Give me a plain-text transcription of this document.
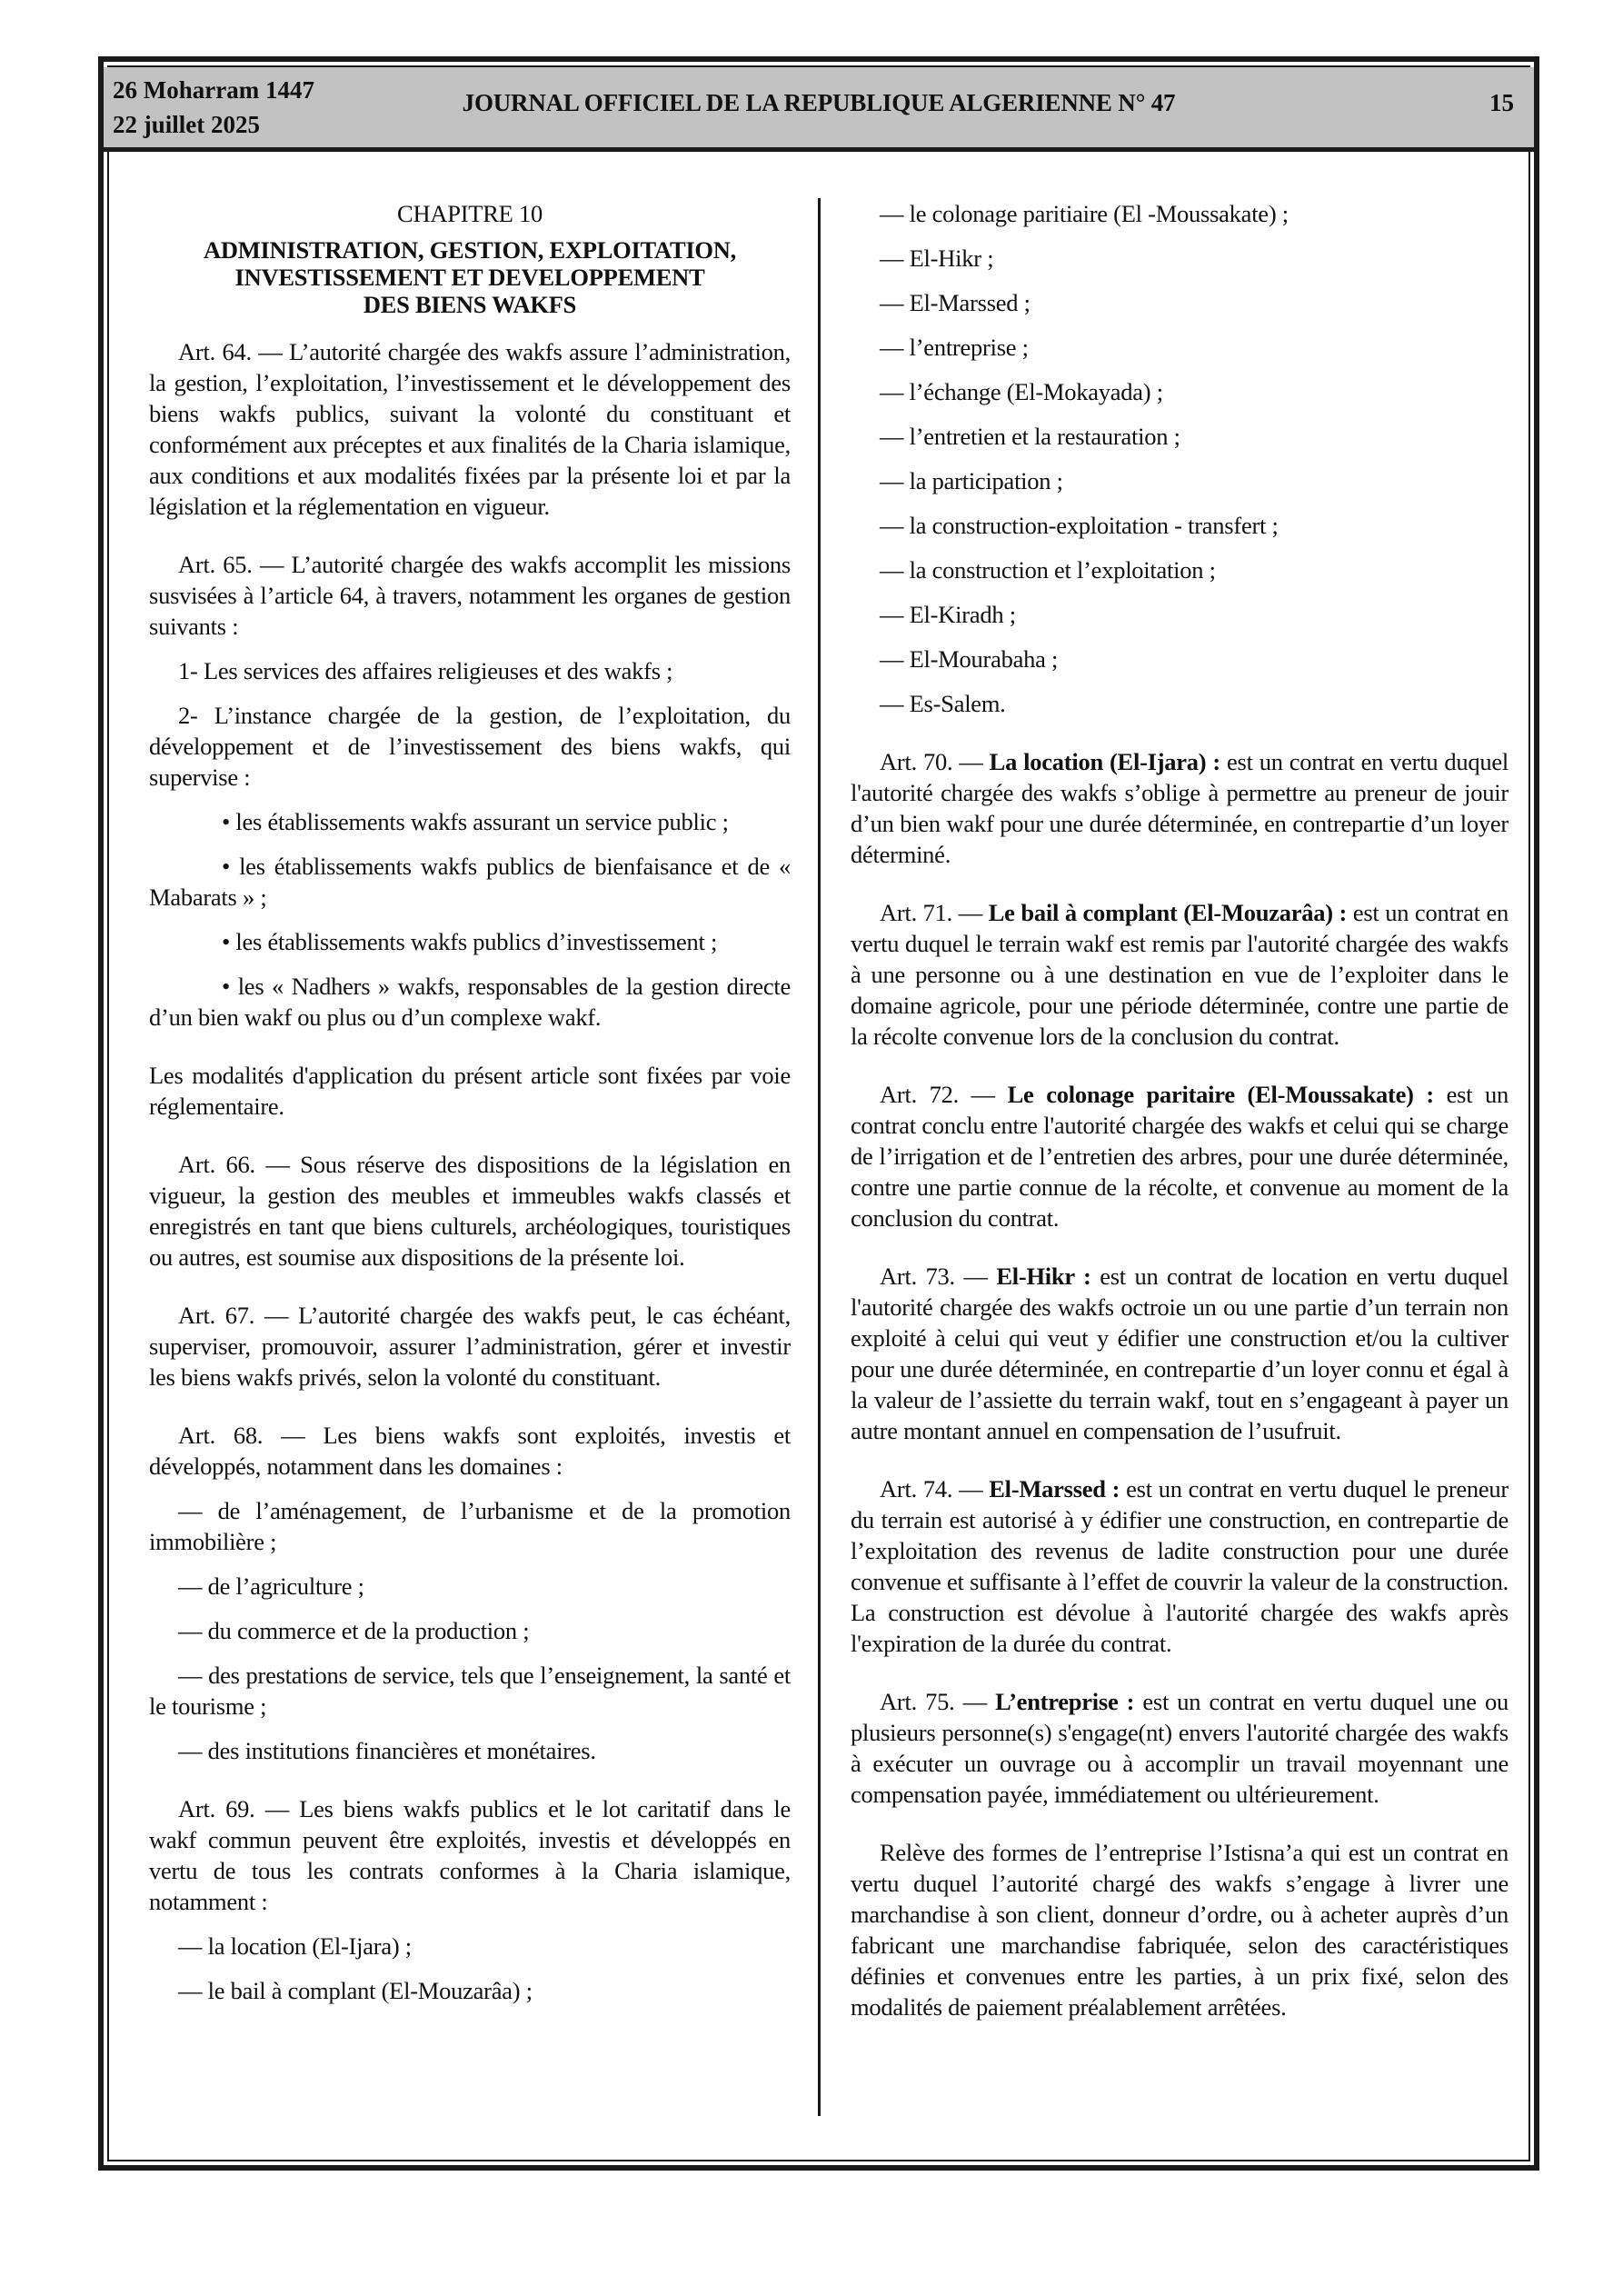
26 Moharram 1447
22 juillet 2025
JOURNAL OFFICIEL DE LA REPUBLIQUE ALGERIENNE N° 47	15

CHAPITRE 10

ADMINISTRATION, GESTION, EXPLOITATION,
INVESTISSEMENT ET DEVELOPPEMENT
DES BIENS WAKFS

Art. 64. — L’autorité chargée des wakfs assure l’administration, la gestion, l’exploitation, l’investissement et le développement des biens wakfs publics, suivant la volonté du constituant et conformément aux préceptes et aux finalités de la Charia islamique, aux conditions et aux modalités fixées par la présente loi et par la législation et la réglementation en vigueur.

Art. 65. — L’autorité chargée des wakfs accomplit les missions susvisées à l’article 64, à travers, notamment les organes de gestion suivants :

1- Les services des affaires religieuses et des wakfs ;

2- L’instance chargée de la gestion, de l’exploitation, du développement et de l’investissement des biens wakfs, qui supervise :

• les établissements wakfs assurant un service public ;

• les établissements wakfs publics de bienfaisance et de « Mabarats » ;

• les établissements wakfs publics d’investissement ;

• les « Nadhers » wakfs, responsables de la gestion directe d’un bien wakf ou plus ou d’un complexe wakf.

Les modalités d'application du présent article sont fixées par voie réglementaire.

Art. 66. — Sous réserve des dispositions de la législation en vigueur, la gestion des meubles et immeubles wakfs classés et enregistrés en tant que biens culturels, archéologiques, touristiques ou autres, est soumise aux dispositions de la présente loi.

Art. 67. — L’autorité chargée des wakfs peut, le cas échéant, superviser, promouvoir, assurer l’administration, gérer et investir les biens wakfs privés, selon la volonté du constituant.

Art. 68. — Les biens wakfs sont exploités, investis et développés, notamment dans les domaines :

— de l’aménagement, de l’urbanisme et de la promotion immobilière ;

— de l’agriculture ;

— du commerce et de la production ;

— des prestations de service, tels que l’enseignement, la santé et le tourisme ;

— des institutions financières et monétaires.

Art. 69. — Les biens wakfs publics et le lot caritatif dans le wakf commun peuvent être exploités, investis et développés en vertu de tous les contrats conformes à la Charia islamique, notamment :

— la location (El-Ijara) ;

— le bail à complant (El-Mouzarâa) ;

— le colonage paritiaire (El -Moussakate) ;

— El-Hikr ;

— El-Marssed ;

— l’entreprise ;

— l’échange (El-Mokayada) ;

— l’entretien et la restauration ;

— la participation ;

— la construction-exploitation - transfert ;

— la construction et l’exploitation ;

— El-Kiradh ;

— El-Mourabaha ;

— Es-Salem.

Art. 70. — La location (El-Ijara) : est un contrat en vertu duquel l'autorité chargée des wakfs s’oblige à permettre au preneur de jouir d’un bien wakf pour une durée déterminée, en contrepartie d’un loyer déterminé.

Art. 71. — Le bail à complant (El-Mouzarâa) : est un contrat en vertu duquel le terrain wakf est remis par l'autorité chargée des wakfs à une personne ou à une destination en vue de l’exploiter dans le domaine agricole, pour une période déterminée, contre une partie de la récolte convenue lors de la conclusion du contrat.

Art. 72. — Le colonage paritaire (El-Moussakate) : est un contrat conclu entre l'autorité chargée des wakfs et celui qui se charge de l’irrigation et de l’entretien des arbres, pour une durée déterminée, contre une partie connue de la récolte, et convenue au moment de la conclusion du contrat.

Art. 73. — El-Hikr : est un contrat de location en vertu duquel l'autorité chargée des wakfs octroie un ou une partie d’un terrain non exploité à celui qui veut y édifier une construction et/ou la cultiver pour une durée déterminée, en contrepartie d’un loyer connu et égal à la valeur de l’assiette du terrain wakf, tout en s’engageant à payer un autre montant annuel en compensation de l’usufruit.

Art. 74. — El-Marssed : est un contrat en vertu duquel le preneur du terrain est autorisé à y édifier une construction, en contrepartie de l’exploitation des revenus de ladite construction pour une durée convenue et suffisante à l’effet de couvrir la valeur de la construction. La construction est dévolue à l'autorité chargée des wakfs après l'expiration de la durée du contrat.

Art. 75. — L’entreprise : est un contrat en vertu duquel une ou plusieurs personne(s) s'engage(nt) envers l'autorité chargée des wakfs à exécuter un ouvrage ou à accomplir un travail moyennant une compensation payée, immédiatement ou ultérieurement.

Relève des formes de l’entreprise l’Istisna’a qui est un contrat en vertu duquel l’autorité chargé des wakfs s’engage à livrer une marchandise à son client, donneur d’ordre, ou à acheter auprès d’un fabricant une marchandise fabriquée, selon des caractéristiques définies et convenues entre les parties, à un prix fixé, selon des modalités de paiement préalablement arrêtées.
